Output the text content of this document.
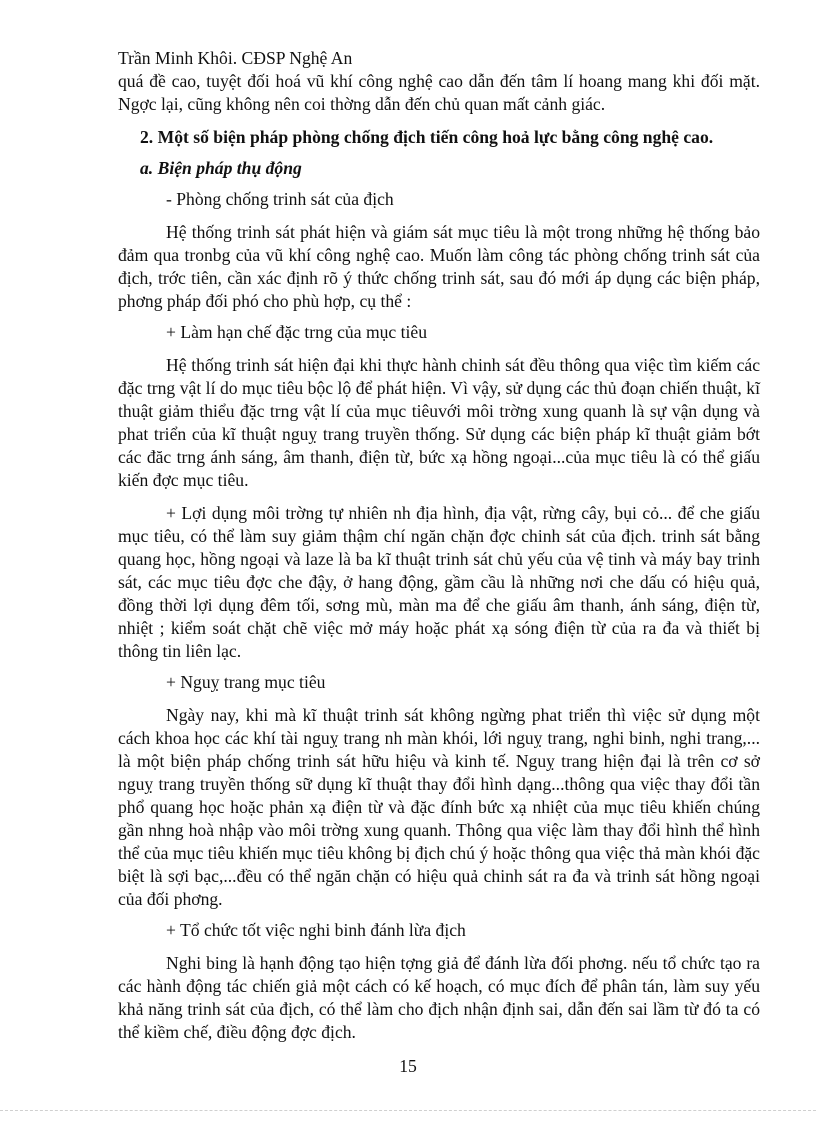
Trần Minh Khôi. CĐSP Nghệ An

quá đề cao, tuyệt đối hoá vũ khí công nghệ cao dẫn đến tâm lí hoang mang khi đối mặt. Ngợc lại, cũng không nên coi thờng dẫn đến chủ quan mất cảnh giác.

2. Một số biện pháp phòng chống địch tiến công hoả lực bằng công nghệ cao.

a. Biện pháp thụ động

- Phòng chống trinh sát của địch

Hệ thống trinh sát phát hiện và giám sát mục tiêu là một trong những hệ thống bảo đảm qua tronbg của vũ khí công nghệ cao. Muốn làm công tác phòng chống trinh sát của địch, trớc tiên, cần xác định rõ ý thức chống trinh sát, sau đó mới áp dụng các biện pháp, phơng pháp đối phó cho phù hợp, cụ thể :

+ Làm hạn chế đặc trng của mục tiêu

Hệ thống trinh sát hiện đại khi thực hành chinh sát đều thông qua việc tìm kiếm các đặc trng vật lí do mục tiêu bộc lộ để phát hiện. Vì vậy, sử dụng các thủ đoạn chiến thuật, kĩ thuật giảm thiểu đặc trng vật lí của mục tiêuvới môi trờng xung quanh là sự vận dụng và phat triển của kĩ thuật nguỵ trang truyền thống. Sử dụng các biện pháp kĩ thuật giảm bớt các đăc trng ánh sáng, âm thanh, điện từ, bức xạ hồng ngoại...của mục tiêu là có thể giấu kiến đợc mục tiêu.

+ Lợi dụng môi trờng tự nhiên nh địa hình, địa vật, rừng cây, bụi cỏ... để che giấu mục tiêu, có thể làm suy giảm thậm chí ngăn chặn đợc chinh sát của địch. trinh sát bằng quang học, hồng ngoại và laze là ba kĩ thuật trinh sát chủ yếu của vệ tinh và máy bay trinh sát, các mục tiêu đợc che đậy, ở hang động, gầm cầu là những nơi che dấu có hiệu quả, đồng thời lợi dụng đêm tối, sơng mù, màn ma để che giấu âm thanh, ánh sáng, điện từ, nhiệt ; kiểm soát chặt chẽ việc mở máy hoặc phát xạ sóng điện từ của ra đa và thiết bị thông tin liên lạc.

+ Nguỵ trang mục tiêu

Ngày nay, khi mà kĩ thuật trinh sát không ngừng phat triển thì việc sử dụng một cách khoa học các khí tài nguỵ trang nh màn khói, lới nguỵ trang, nghi binh, nghi trang,... là một biện pháp chống trinh sát hữu hiệu và kinh tế. Nguỵ trang hiện đại là trên cơ sở nguỵ trang truyền thống sữ dụng kĩ thuật thay đổi hình dạng...thông qua việc thay đổi tần phổ quang học hoặc phản xạ điện từ và đặc đính bức xạ nhiệt của mục tiêu khiến chúng gần nhng hoà nhập vào môi trờng xung quanh. Thông qua việc làm thay đổi hình thể hình thể của mục tiêu khiến mục tiêu không bị địch chú ý hoặc thông qua việc thả màn khói đặc biệt là sợi bạc,...đều có thể ngăn chặn có hiệu quả chinh sát ra đa và trinh sát hồng ngoại của đối phơng.

+ Tổ chức tốt việc nghi binh đánh lừa địch

Nghi bing là hạnh động tạo hiện tợng giả để đánh lừa đối phơng. nếu tổ chức tạo ra các hành động tác chiến giả một cách có kế hoạch, có mục đích để phân tán, làm suy yếu khả năng trinh sát của địch, có thể làm cho địch nhận định sai, dẫn đến sai lầm từ đó ta có thể kiềm chế, điều động đợc địch.

15
